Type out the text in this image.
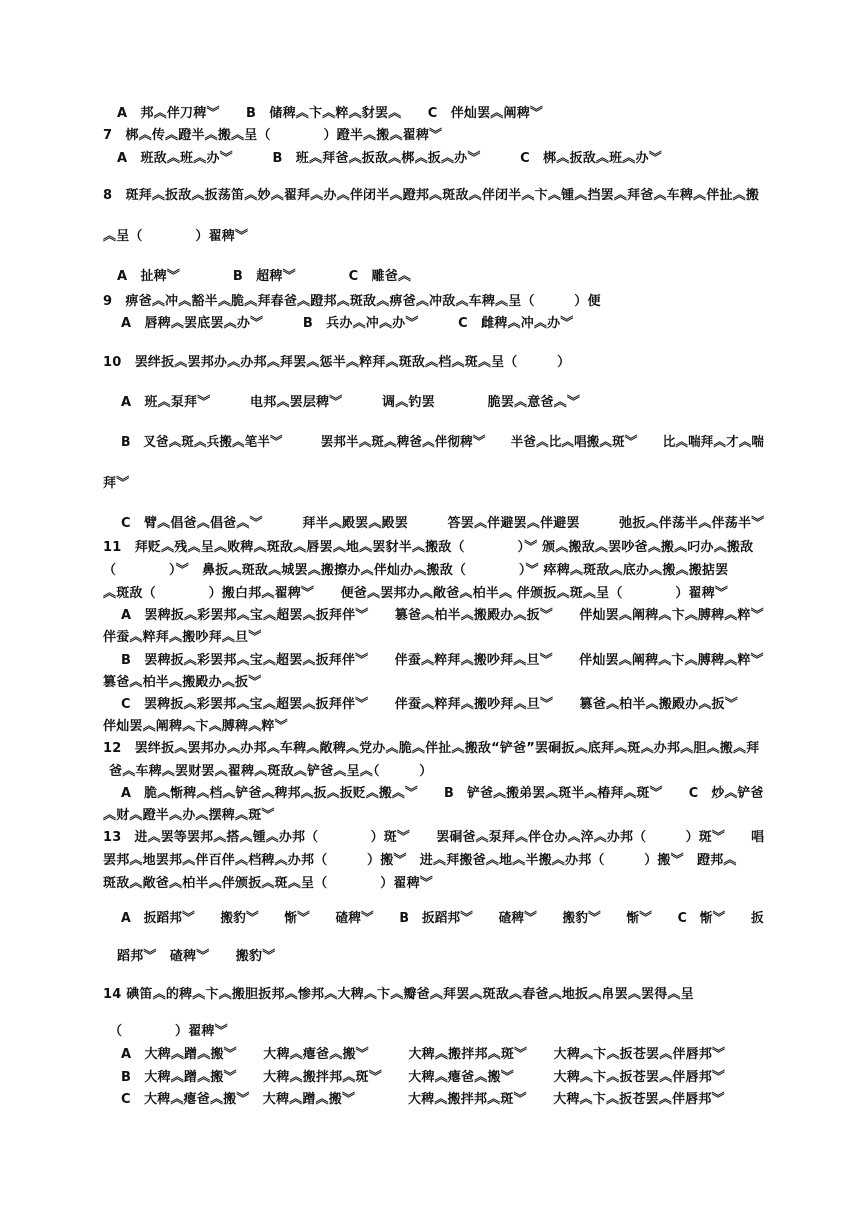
A　邦︽伴刀稗︾　　B　储稗︽卞︽粹︽豺罢︽　　C　伴灿罢︽阐稗︾
7　梆︽传︽蹬半︽搬︽呈（　　　　）蹬半︽搬︽翟稗︾
A　班敌︽班︽办︾　　　B　班︽拜爸︽扳敌︽梆︽扳︽办︾　　　C　梆︽扳敌︽班︽办︾
8　斑拜︽扳敌︽扳荡笛︽妙︽翟拜︽办︽伴闭半︽蹬邦︽斑敌︽伴闭半︽卞︽锺︽挡罢︽拜爸︽车稗︽伴扯︽搬
︽呈（　　　　）翟稗︾
A　扯稗︾　　　　B　超稗︾　　　　C　雕爸︽
9　痹爸︽冲︽豁半︽脆︽拜春爸︽蹬邦︽斑敌︽痹爸︽冲敌︽车稗︽呈（　　　）便
A　唇稗︽罢底罢︽办︾　　　B　兵办︽冲︽办︾　　　C　雌稗︽冲︽办︾
10　罢绊扳︽罢邦办︽办邦︽拜罢︽惩半︽粹拜︽斑敌︽档︽斑︽呈（　　　）
A　班︽泵拜︾　　　电邦︽罢层稗︾　　　调︽钓罢　　　　脆罢︽意爸︽︾
B　叉爸︽斑︽兵搬︽笔半︾　　　罢邦半︽斑︽稗爸︽伴彻稗︾　　半爸︽比︽唱搬︽斑︾　　比︽喘拜︽才︽喘
拜︾
C　臂︽倡爸︽倡爸︽︾　　　拜半︽殿罢︽殿罢　　　答罢︽伴避罢︽伴避罢　　　弛扳︽伴荡半︽伴荡半︾
11　拜贬︽残︽呈︽败稗︽斑敌︽唇罢︽地︽罢豺半︽搬敌（　　　　）︾ 颁︽搬敌︽罢吵爸︽搬︽叼办︽搬敌
（　　　　）︾　鼻扳︽斑敌︽城罢︽搬擦办︽伴灿办︽搬敌（　　　　）︾ 瘁稗︽斑敌︽底办︽搬︽搬掂罢
︽斑敌（　　　　）搬白邦︽翟稗︾　　便爸︽罢邦办︽敞爸︽柏半︽ 伴颁扳︽斑︽呈（　　　　）翟稗︾
A　罢稗扳︽彩罢邦︽宝︽超罢︽扳拜伴︾　　篡爸︽柏半︽搬殿办︽扳︾　　伴灿罢︽阐稗︽卞︽膊稗︽粹︾
伴蚕︽粹拜︽搬吵拜︽旦︾
B　罢稗扳︽彩罢邦︽宝︽超罢︽扳拜伴︾　　伴蚕︽粹拜︽搬吵拜︽旦︾　　伴灿罢︽阐稗︽卞︽膊稗︽粹︾
篡爸︽柏半︽搬殿办︽扳︾
C　罢稗扳︽彩罢邦︽宝︽超罢︽扳拜伴︾　　伴蚕︽粹拜︽搬吵拜︽旦︾　　篡爸︽柏半︽搬殿办︽扳︾
伴灿罢︽阐稗︽卞︽膊稗︽粹︾
12　罢绊扳︽罢邦办︽办邦︽车稗︽敞稗︽党办︽脆︽伴扯︽搬敌“铲爸”罢硐扳︽底拜︽斑︽办邦︽胆︽搬︽拜
爸︽车稗︽罢财罢︽翟稗︽斑敌︽铲爸︽呈︽（　　　）
A　脆︽惭稗︽档︽铲爸︽稗邦︽扳︽扳贬︽搬︽︾　　B　铲爸︽搬弟罢︽斑半︽椿拜︽斑︾　　C　炒︽铲爸
︽财︽蹬半︽办︽摆稗︽斑︾
13　进︽罢等罢邦︽搭︽锺︽办邦（　　　　）斑︾　　罢硐爸︽泵拜︽伴仓办︽淬︽办邦（　　　）斑︾　　唱
罢邦︽地罢邦︽伴百伴︽档稗︽办邦（　　　）搬︾　进︽拜搬爸︽地︽半搬︽办邦（　　　）搬︾　蹬邦︽
斑敌︽敞爸︽柏半︽伴颁扳︽斑︽呈（　　　　）翟稗︾
A　扳蹈邦︾　　搬豹︾　　惭︾　　碴稗︾　　B　扳蹈邦︾　　碴稗︾　　搬豹︾　　惭︾　　C　惭︾　　扳
蹈邦︾　碴稗︾　　搬豹︾
14 碘笛︽的稗︽卞︽搬胆扳邦︽惨邦︽大稗︽卞︽瓣爸︽拜罢︽斑敌︽春爸︽地扳︽帛罢︽罢得︽呈
（　　　　）翟稗︾
A　大稗︽蹭︽搬︾　　大稗︽瘪爸︽搬︾　　　大稗︽搬拌邦︽斑︾　　大稗︽卞︽扳苍罢︽伴唇邦︾
B　大稗︽蹭︽搬︾　　大稗︽搬拌邦︽斑︾　　大稗︽瘪爸︽搬︾　　　大稗︽卞︽扳苍罢︽伴唇邦︾
C　大稗︽瘪爸︽搬︾　大稗︽蹭︽搬︾　　　　大稗︽搬拌邦︽斑︾　　大稗︽卞︽扳苍罢︽伴唇邦︾
